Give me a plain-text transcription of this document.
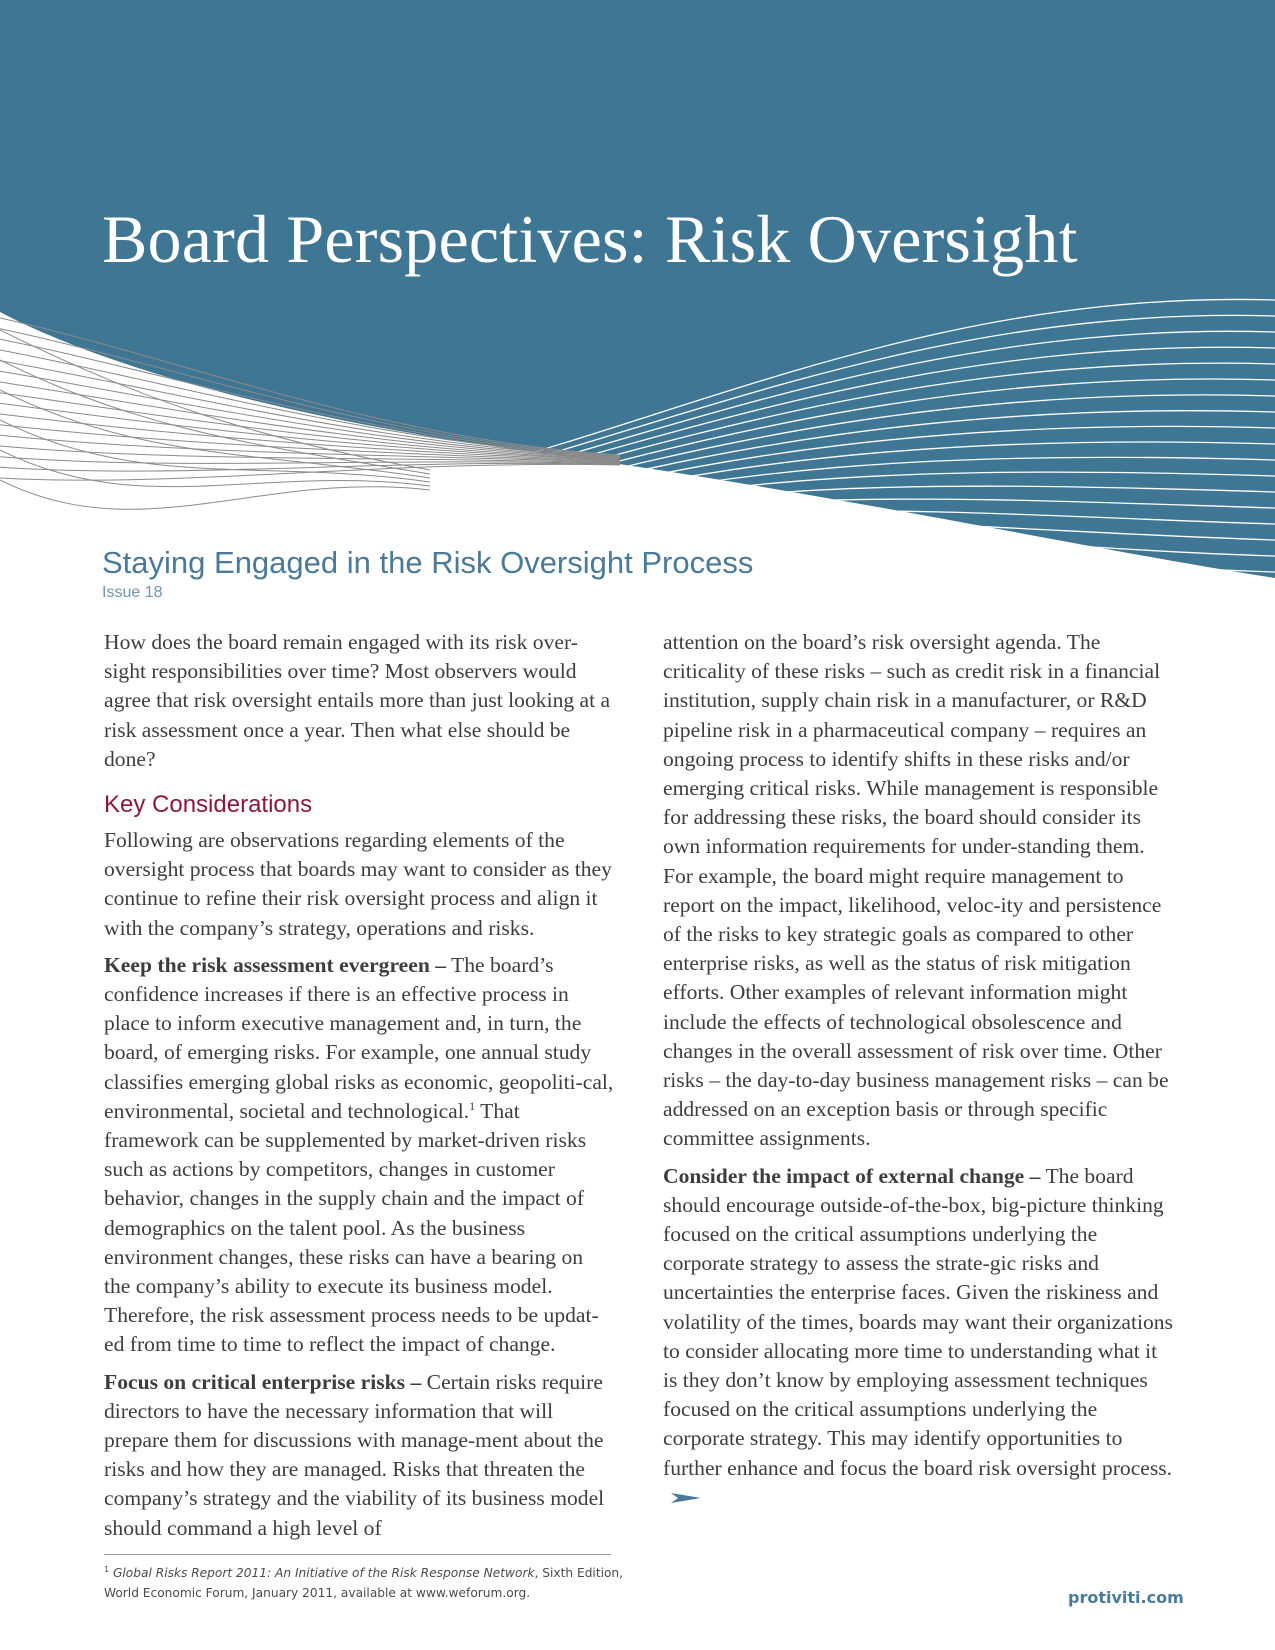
Board Perspectives: Risk Oversight
Staying Engaged in the Risk Oversight Process
Issue 18

How does the board remain engaged with its risk over-sight responsibilities over time? Most observers would agree that risk oversight entails more than just looking at a risk assessment once a year. Then what else should be done?

Key Considerations

Following are observations regarding elements of the oversight process that boards may want to consider as they continue to refine their risk oversight process and align it with the company’s strategy, operations and risks.

Keep the risk assessment evergreen – The board’s confidence increases if there is an effective process in place to inform executive management and, in turn, the board, of emerging risks. For example, one annual study classifies emerging global risks as economic, geopoliti-cal, environmental, societal and technological.$^1$ That framework can be supplemented by market-driven risks such as actions by competitors, changes in customer behavior, changes in the supply chain and the impact of demographics on the talent pool. As the business environment changes, these risks can have a bearing on the company’s ability to execute its business model. Therefore, the risk assessment process needs to be updat-ed from time to time to reflect the impact of change.

Focus on critical enterprise risks – Certain risks require directors to have the necessary information that will prepare them for discussions with manage-ment about the risks and how they are managed. Risks that threaten the company’s strategy and the viability of its business model should command a high level of

attention on the board’s risk oversight agenda. The criticality of these risks – such as credit risk in a financial institution, supply chain risk in a manufacturer, or R&D pipeline risk in a pharmaceutical company – requires an ongoing process to identify shifts in these risks and/or emerging critical risks. While management is responsible for addressing these risks, the board should consider its own information requirements for under-standing them. For example, the board might require management to report on the impact, likelihood, veloc-ity and persistence of the risks to key strategic goals as compared to other enterprise risks, as well as the status of risk mitigation efforts. Other examples of relevant information might include the effects of technological obsolescence and changes in the overall assessment of risk over time. Other risks – the day-to-day business management risks – can be addressed on an exception basis or through specific committee assignments.

Consider the impact of external change – The board should encourage outside-of-the-box, big-picture thinking focused on the critical assumptions underlying the corporate strategy to assess the strate-gic risks and uncertainties the enterprise faces. Given the riskiness and volatility of the times, boards may want their organizations to consider allocating more time to understanding what it is they don’t know by employing assessment techniques focused on the critical assumptions underlying the corporate strategy. This may identify opportunities to further enhance and focus the board risk oversight process.

$^1$ Global Risks Report 2011: An Initiative of the Risk Response Network, Sixth Edition, World Economic Forum, January 2011, available at www.weforum.org.	protiviti.com
